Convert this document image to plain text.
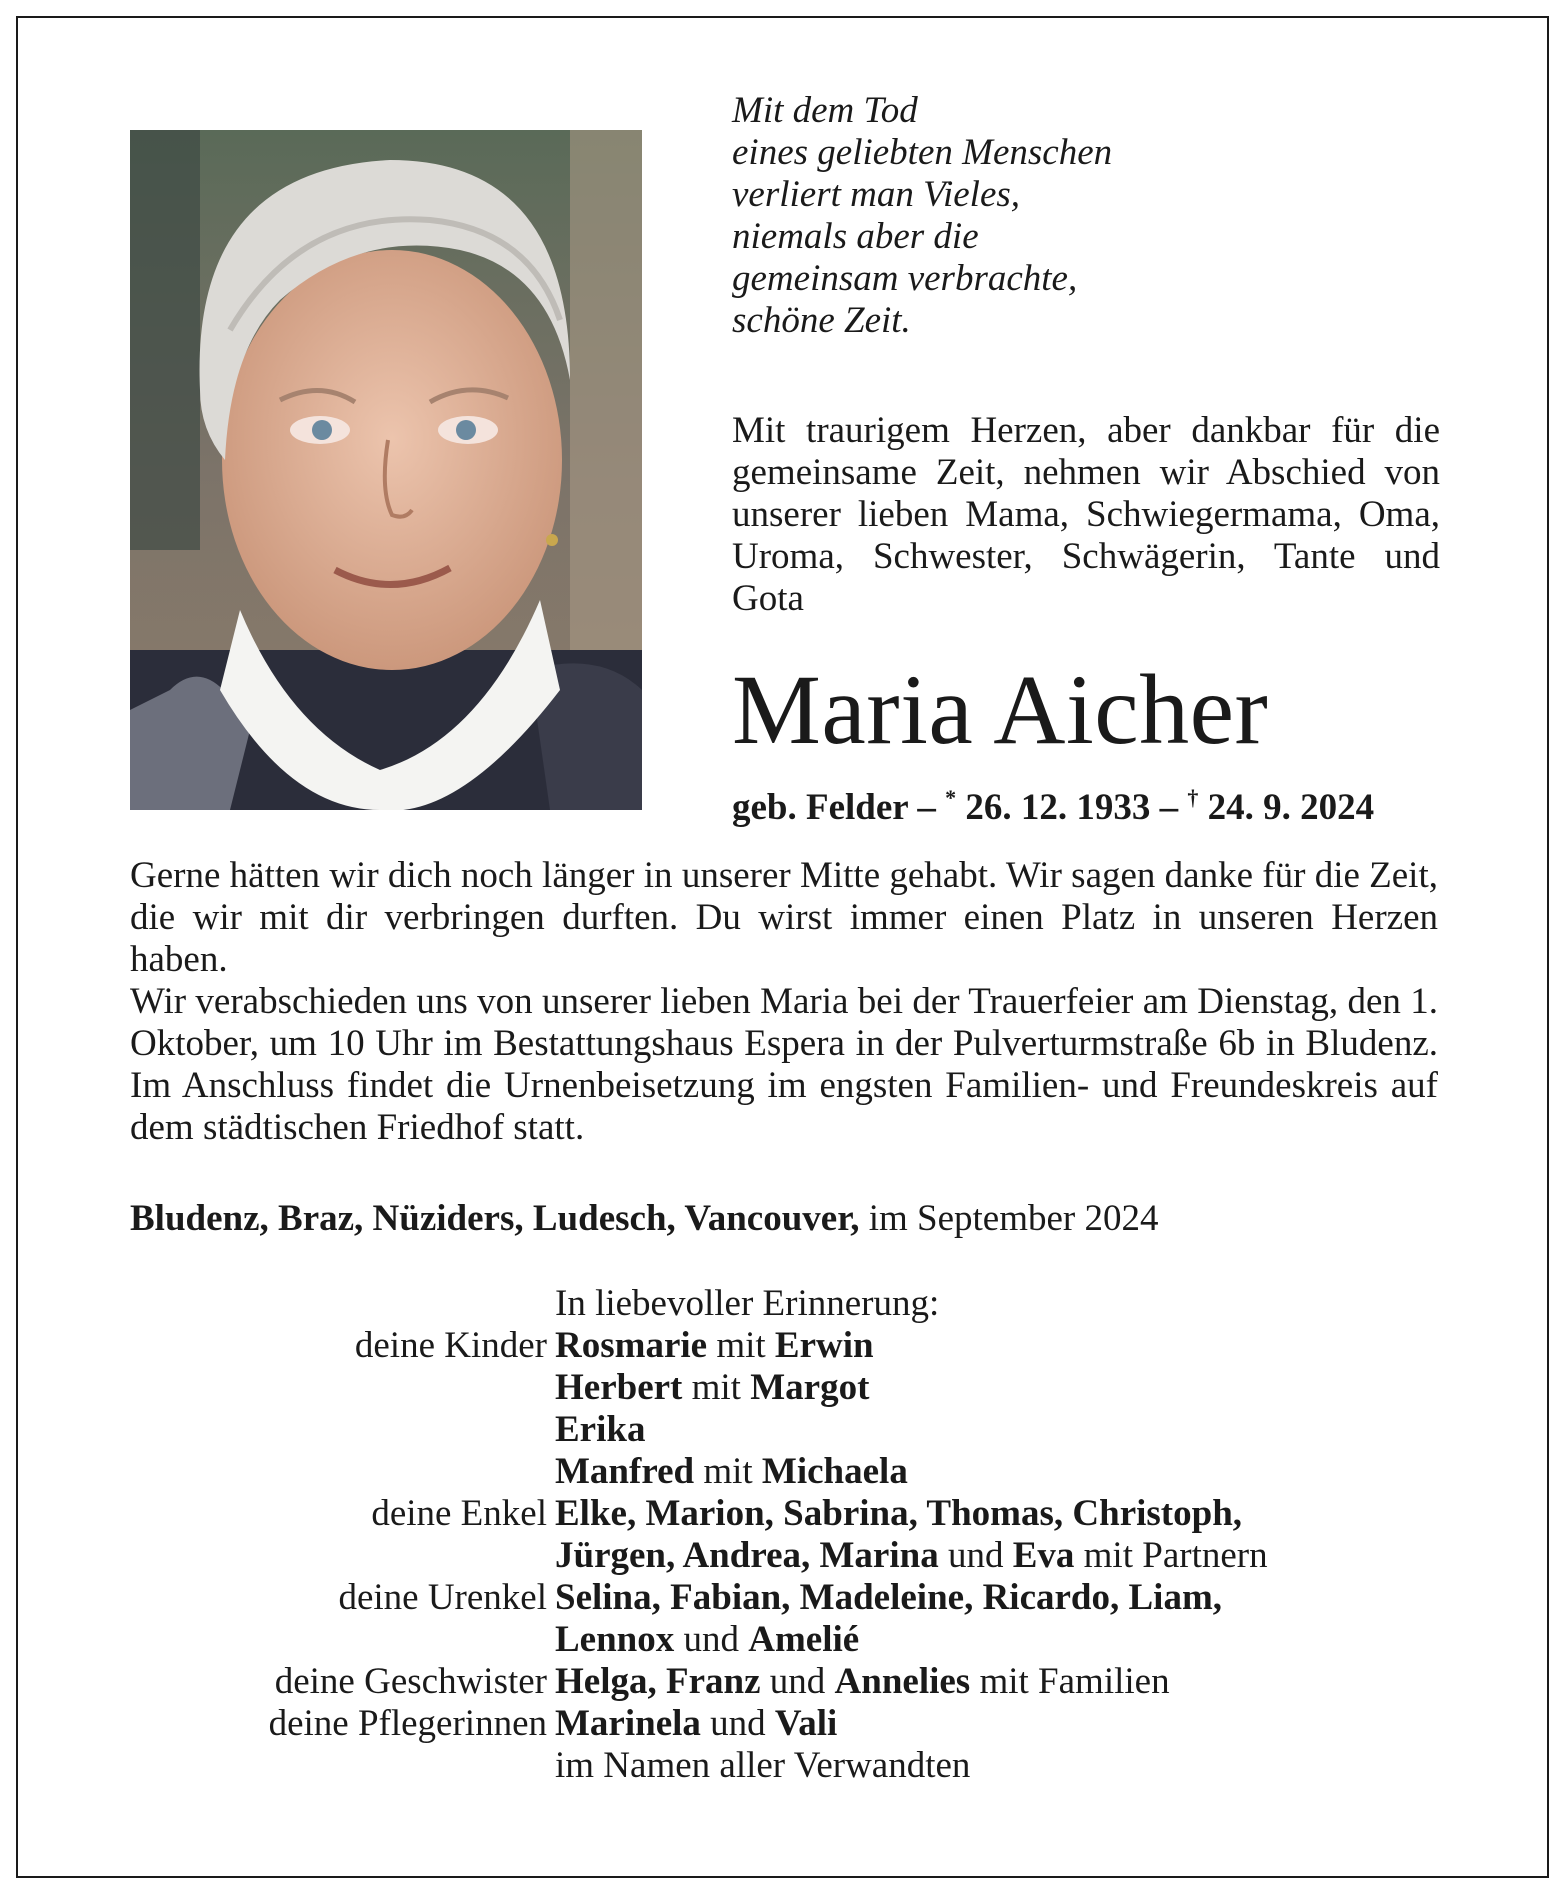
Mit dem Tod
eines geliebten Menschen
verliert man Vieles,
niemals aber die
gemeinsam verbrachte,
schöne Zeit.
Mit traurigem Herzen, aber dankbar für die gemeinsame Zeit, nehmen wir Abschied von unserer lieben Mama, Schwiegermama, Oma, Uroma, Schwester, Schwägerin, Tante und Gota
Maria Aicher
geb. Felder – * 26. 12. 1933 – † 24. 9. 2024

Gerne hätten wir dich noch länger in unserer Mitte gehabt. Wir sagen danke für die Zeit, die wir mit dir verbringen durften. Du wirst immer einen Platz in unseren Herzen haben.

Wir verabschieden uns von unserer lieben Maria bei der Trauerfeier am Dienstag, den 1. Oktober, um 10 Uhr im Bestattungshaus Espera in der Pulverturmstraße 6b in Bludenz. Im Anschluss findet die Urnenbeisetzung im engsten Familien- und Freundeskreis auf dem städtischen Friedhof statt.

Bludenz, Braz, Nüziders, Ludesch, Vancouver, im September 2024
In liebevoller Erinnerung:
deine Kinder Rosmarie mit Erwin
Herbert mit Margot
Erika
Manfred mit Michaela
deine Enkel Elke, Marion, Sabrina, Thomas, Christoph,
Jürgen, Andrea, Marina und Eva mit Partnern
deine Urenkel Selina, Fabian, Madeleine, Ricardo, Liam,
Lennox und Amelié
deine Geschwister Helga, Franz und Annelies mit Familien
deine Pflegerinnen Marinela und Vali
im Namen aller Verwandten
